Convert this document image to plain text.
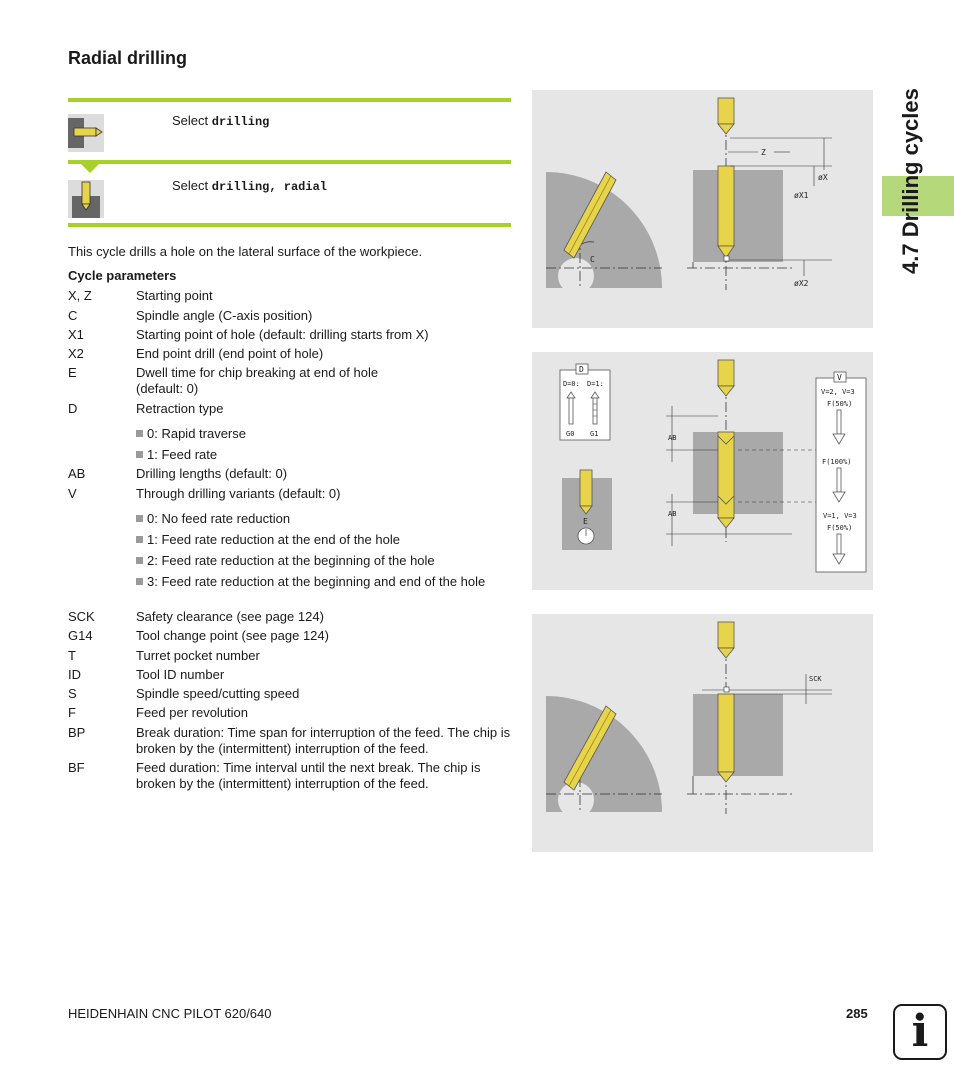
Radial drilling
Select drilling
Select drilling, radial
This cycle drills a hole on the lateral surface of the workpiece.
Cycle parameters
X, Z	Starting point
C	Spindle angle (C-axis position)
X1	Starting point of hole (default: drilling starts from X)
X2	End point drill (end point of hole)
E	Dwell time for chip breaking at end of hole
(default: 0)
D	Retraction type
0: Rapid traverse
1: Feed rate
AB	Drilling lengths (default: 0)
V	Through drilling variants (default: 0)
0: No feed rate reduction
1: Feed rate reduction at the end of the hole
2: Feed rate reduction at the beginning of the hole
3: Feed rate reduction at the beginning and end of the hole
SCK	Safety clearance (see page 124)
G14	Tool change point (see page 124)
T	Turret pocket number
ID	Tool ID number
S	Spindle speed/cutting speed
F	Feed per revolution
BP	Break duration: Time span for interruption of the feed. The chip is broken by the (intermittent) interruption of the feed.
BF	Feed duration: Time interval until the next break. The chip is broken by the (intermittent) interruption of the feed.
C
Z
øX
øX1
øX2
D
D=0: D=1:
G0 G1
E
AB
AB
V
V=2, V=3
F(50%)
F(100%)
V=1, V=3
F(50%)
SCK
HEIDENHAIN CNC PILOT 620/640	285 i
